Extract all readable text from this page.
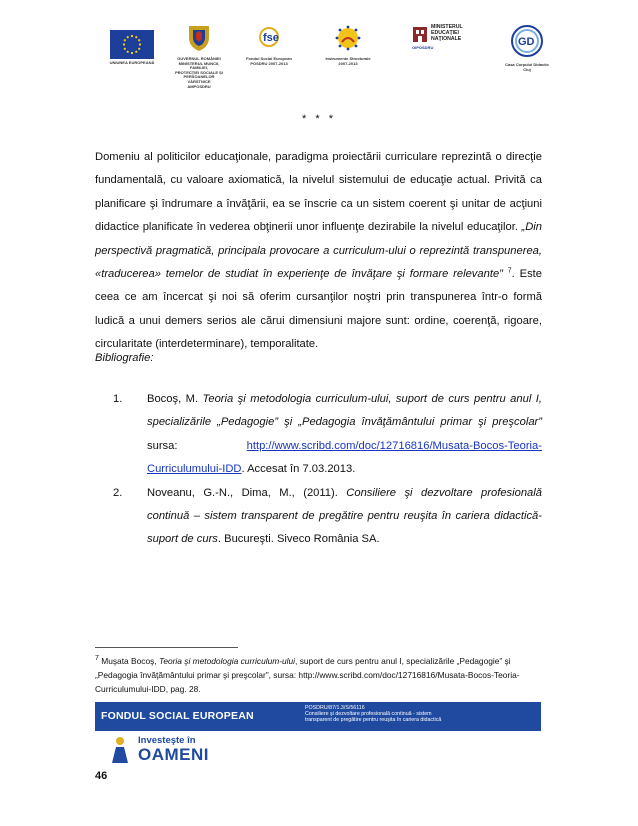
UNIUNEA EUROPEANĂ
GUVERNUL ROMÂNIEI
MINISTERUL MUNCII, FAMILIEI,
PROTECŢIEI SOCIALE ŞI
PERSOANELOR VÂRSTNICE
AMPOSDRU
fse
Fondul Social European
POSDRU 2007-2013
Instrumente Structurale
2007-2013
MINISTERUL
EDUCAŢIEI
NAŢIONALE
OIPOSDRU	GD
Casa Corpului Didactic
Cluj
* * *
Domeniu al politicilor educaţionale, paradigma proiectării curriculare reprezintă o direcţie fundamentală, cu valoare axiomatică, la nivelul sistemului de educaţie actual. Privită ca planificare şi îndrumare a învăţării, ea se înscrie ca un sistem coerent şi unitar de acţiuni didactice planificate în vederea obţinerii unor influenţe dezirabile la nivelul educaţilor. „Din perspectivă pragmatică, principala provocare a curriculum-ului o reprezintă transpunerea, «traducerea» temelor de studiat în experienţe de învăţare şi formare relevante” $^7$. Este ceea ce am încercat şi noi să oferim cursanţilor noştri prin transpunerea într-o formă ludică a unui demers serios ale cărui dimensiuni majore sunt: ordine, coerenţă, rigoare, circularitate (interdeterminare), temporalitate.
Bibliografie:
1. Bocoş, M. Teoria şi metodologia curriculum-ului, suport de curs pentru anul I, specializările „Pedagogie” şi „Pedagogia învăţământului primar şi preşcolar” sursa: http://www.scribd.com/doc/12716816/Musata-Bocos-Teoria-Curriculumului-IDD. Accesat în 7.03.2013.
2. Noveanu, G.-N., Dima, M., (2011). Consiliere şi dezvoltare profesională continuă – sistem transparent de pregătire pentru reuşita în cariera didactică- suport de curs. Bucureşti. Siveco România SA.
$^7$ Muşata Bocoş, Teoria şi metodologia curriculum-ului, suport de curs pentru anul I, specializările „Pedagogie” şi „Pedagogia învăţământului primar şi preşcolar”, sursa: http://www.scribd.com/doc/12716816/Musata-Bocos-Teoria-Curriculumului-IDD, pag. 28.
FONDUL SOCIAL EUROPEAN
POSDRU/87/1.3/S/56116
Consiliere şi dezvoltare profesională continuă - sistem
transparent de pregătire pentru reuşita în cariera didactică
Investeşte în
OAMENI
46
